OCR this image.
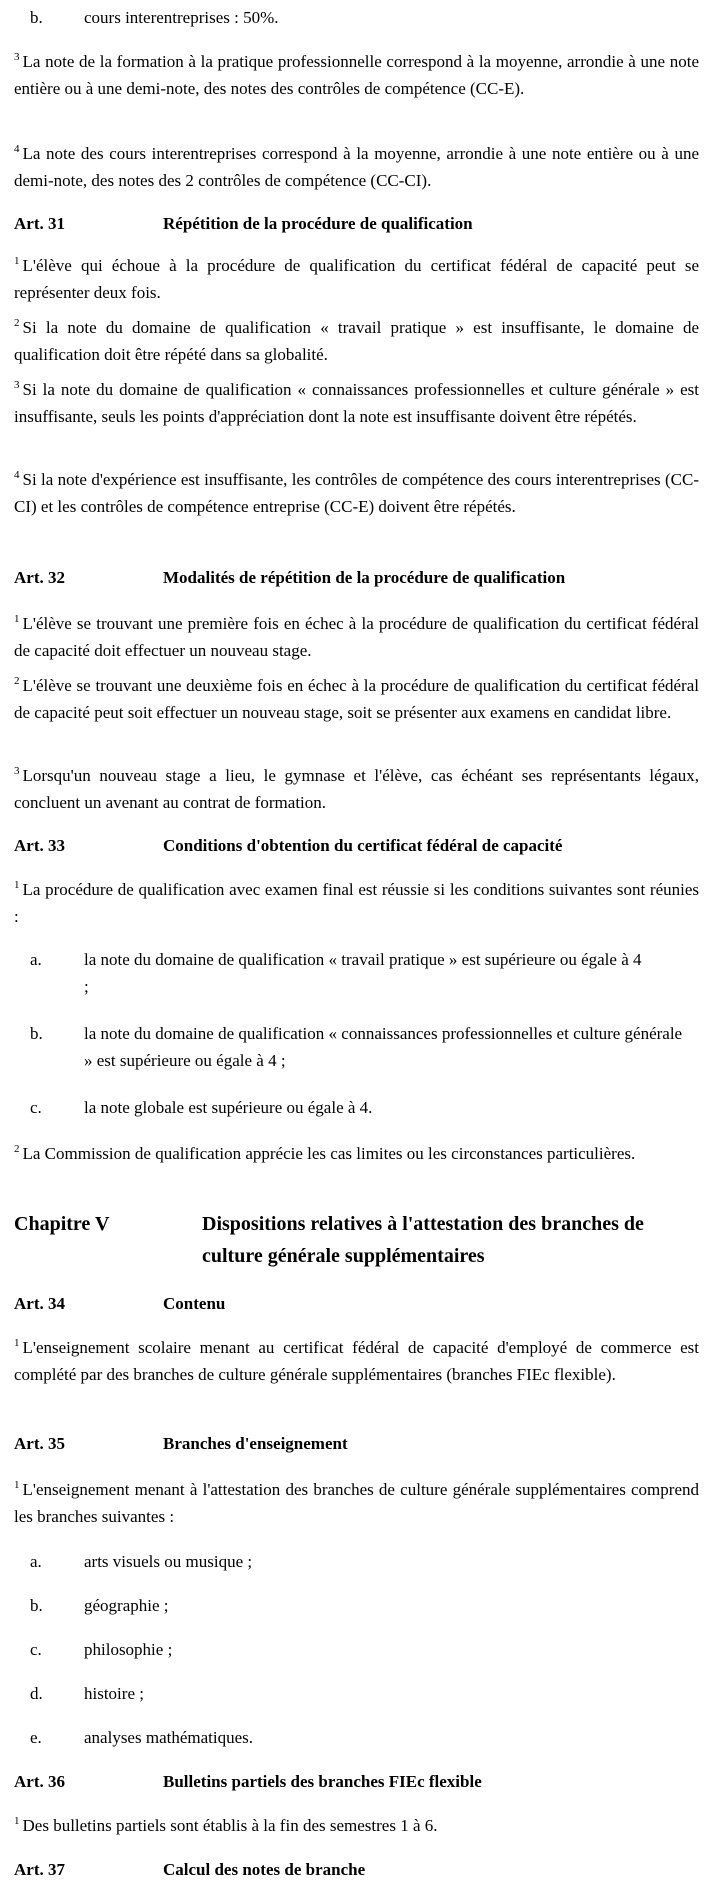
b. cours interentreprises : 50%.
$^3$ La note de la formation à la pratique professionnelle correspond à la moyenne, arrondie à une note entière ou à une demi-note, des notes des contrôles de compétence (CC-E).
$^4$ La note des cours interentreprises correspond à la moyenne, arrondie à une note entière ou à une demi-note, des notes des 2 contrôles de compétence (CC-CI).
Art. 31	Répétition de la procédure de qualification
$^1$ L'élève qui échoue à la procédure de qualification du certificat fédéral de capacité peut se représenter deux fois.
$^2$ Si la note du domaine de qualification « travail pratique » est insuffisante, le domaine de qualification doit être répété dans sa globalité.
$^3$ Si la note du domaine de qualification « connaissances professionnelles et culture générale » est insuffisante, seuls les points d'appréciation dont la note est insuffisante doivent être répétés.
$^4$ Si la note d'expérience est insuffisante, les contrôles de compétence des cours interentreprises (CC-CI) et les contrôles de compétence entreprise (CC-E) doivent être répétés.
Art. 32	Modalités de répétition de la procédure de qualification
$^1$ L'élève se trouvant une première fois en échec à la procédure de qualification du certificat fédéral de capacité doit effectuer un nouveau stage.
$^2$ L'élève se trouvant une deuxième fois en échec à la procédure de qualification du certificat fédéral de capacité peut soit effectuer un nouveau stage, soit se présenter aux examens en candidat libre.
$^3$ Lorsqu'un nouveau stage a lieu, le gymnase et l'élève, cas échéant ses représentants légaux, concluent un avenant au contrat de formation.
Art. 33	Conditions d'obtention du certificat fédéral de capacité
$^1$ La procédure de qualification avec examen final est réussie si les conditions suivantes sont réunies :
a. la note du domaine de qualification « travail pratique » est supérieure ou égale à 4 ;
b. la note du domaine de qualification « connaissances professionnelles et culture générale » est supérieure ou égale à 4 ;
c. la note globale est supérieure ou égale à 4.
$^2$ La Commission de qualification apprécie les cas limites ou les circonstances particulières.
Chapitre V	Dispositions relatives à l'attestation des branches de culture générale supplémentaires
Art. 34	Contenu
$^1$ L'enseignement scolaire menant au certificat fédéral de capacité d'employé de commerce est complété par des branches de culture générale supplémentaires (branches FIEc flexible).
Art. 35	Branches d'enseignement
$^1$ L'enseignement menant à l'attestation des branches de culture générale supplémentaires comprend les branches suivantes :
a. arts visuels ou musique ;
b. géographie ;
c. philosophie ;
d. histoire ;
e. analyses mathématiques.
Art. 36	Bulletins partiels des branches FIEc flexible
$^1$ Des bulletins partiels sont établis à la fin des semestres 1 à 6.
Art. 37	Calcul des notes de branche
